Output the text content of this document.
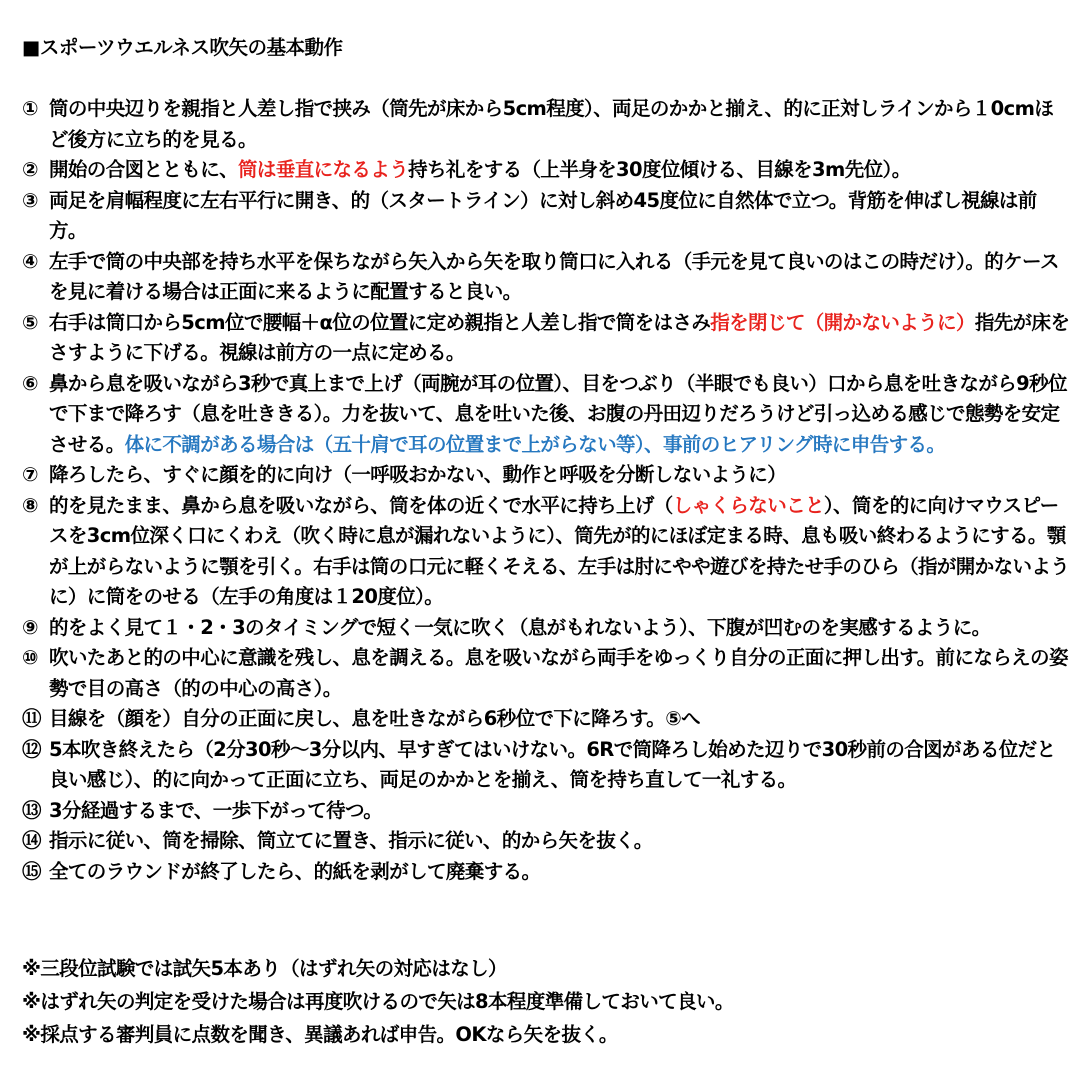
■スポーツウエルネス吹矢の基本動作
① 筒の中央辺りを親指と人差し指で挟み（筒先が床から5cm程度）、両足のかかと揃え、的に正対しラインから１0cmほど後方に立ち的を見る。
② 開始の合図とともに、筒は垂直になるよう持ち礼をする（上半身を30度位傾ける、目線を3m先位）。
③ 両足を肩幅程度に左右平行に開き、的（スタートライン）に対し斜め45度位に自然体で立つ。背筋を伸ばし視線は前方。
④ 左手で筒の中央部を持ち水平を保ちながら矢入から矢を取り筒口に入れる（手元を見て良いのはこの時だけ）。的ケースを見に着ける場合は正面に来るように配置すると良い。
⑤ 右手は筒口から5cm位で腰幅＋α位の位置に定め親指と人差し指で筒をはさみ指を閉じて（開かないように）指先が床をさすように下げる。視線は前方の一点に定める。
⑥ 鼻から息を吸いながら3秒で真上まで上げ（両腕が耳の位置）、目をつぶり（半眼でも良い）口から息を吐きながら9秒位で下まで降ろす（息を吐ききる）。力を抜いて、息を吐いた後、お腹の丹田辺りだろうけど引っ込める感じで態勢を安定させる。体に不調がある場合は（五十肩で耳の位置まで上がらない等）、事前のヒアリング時に申告する。
⑦ 降ろしたら、すぐに顔を的に向け（一呼吸おかない、動作と呼吸を分断しないように）
⑧ 的を見たまま、鼻から息を吸いながら、筒を体の近くで水平に持ち上げ（しゃくらないこと）、筒を的に向けマウスピースを3cm位深く口にくわえ（吹く時に息が漏れないように）、筒先が的にほぼ定まる時、息も吸い終わるようにする。顎が上がらないように顎を引く。右手は筒の口元に軽くそえる、左手は肘にやや遊びを持たせ手のひら（指が開かないように）に筒をのせる（左手の角度は１20度位）。
⑨ 的をよく見て１・2・3のタイミングで短く一気に吹く（息がもれないよう）、下腹が凹むのを実感するように。
⑩ 吹いたあと的の中心に意識を残し、息を調える。息を吸いながら両手をゆっくり自分の正面に押し出す。前にならえの姿勢で目の高さ（的の中心の高さ）。
⑪ 目線を（顔を）自分の正面に戻し、息を吐きながら6秒位で下に降ろす。⑤へ
⑫ 5本吹き終えたら（2分30秒～3分以内、早すぎてはいけない。6Rで筒降ろし始めた辺りで30秒前の合図がある位だと良い感じ）、的に向かって正面に立ち、両足のかかとを揃え、筒を持ち直して一礼する。
⑬ 3分経過するまで、一歩下がって待つ。
⑭ 指示に従い、筒を掃除、筒立てに置き、指示に従い、的から矢を抜く。
⑮ 全てのラウンドが終了したら、的紙を剥がして廃棄する。
※三段位試験では試矢5本あり（はずれ矢の対応はなし）
※はずれ矢の判定を受けた場合は再度吹けるので矢は8本程度準備しておいて良い。
※採点する審判員に点数を聞き、異議あれば申告。OKなら矢を抜く。
